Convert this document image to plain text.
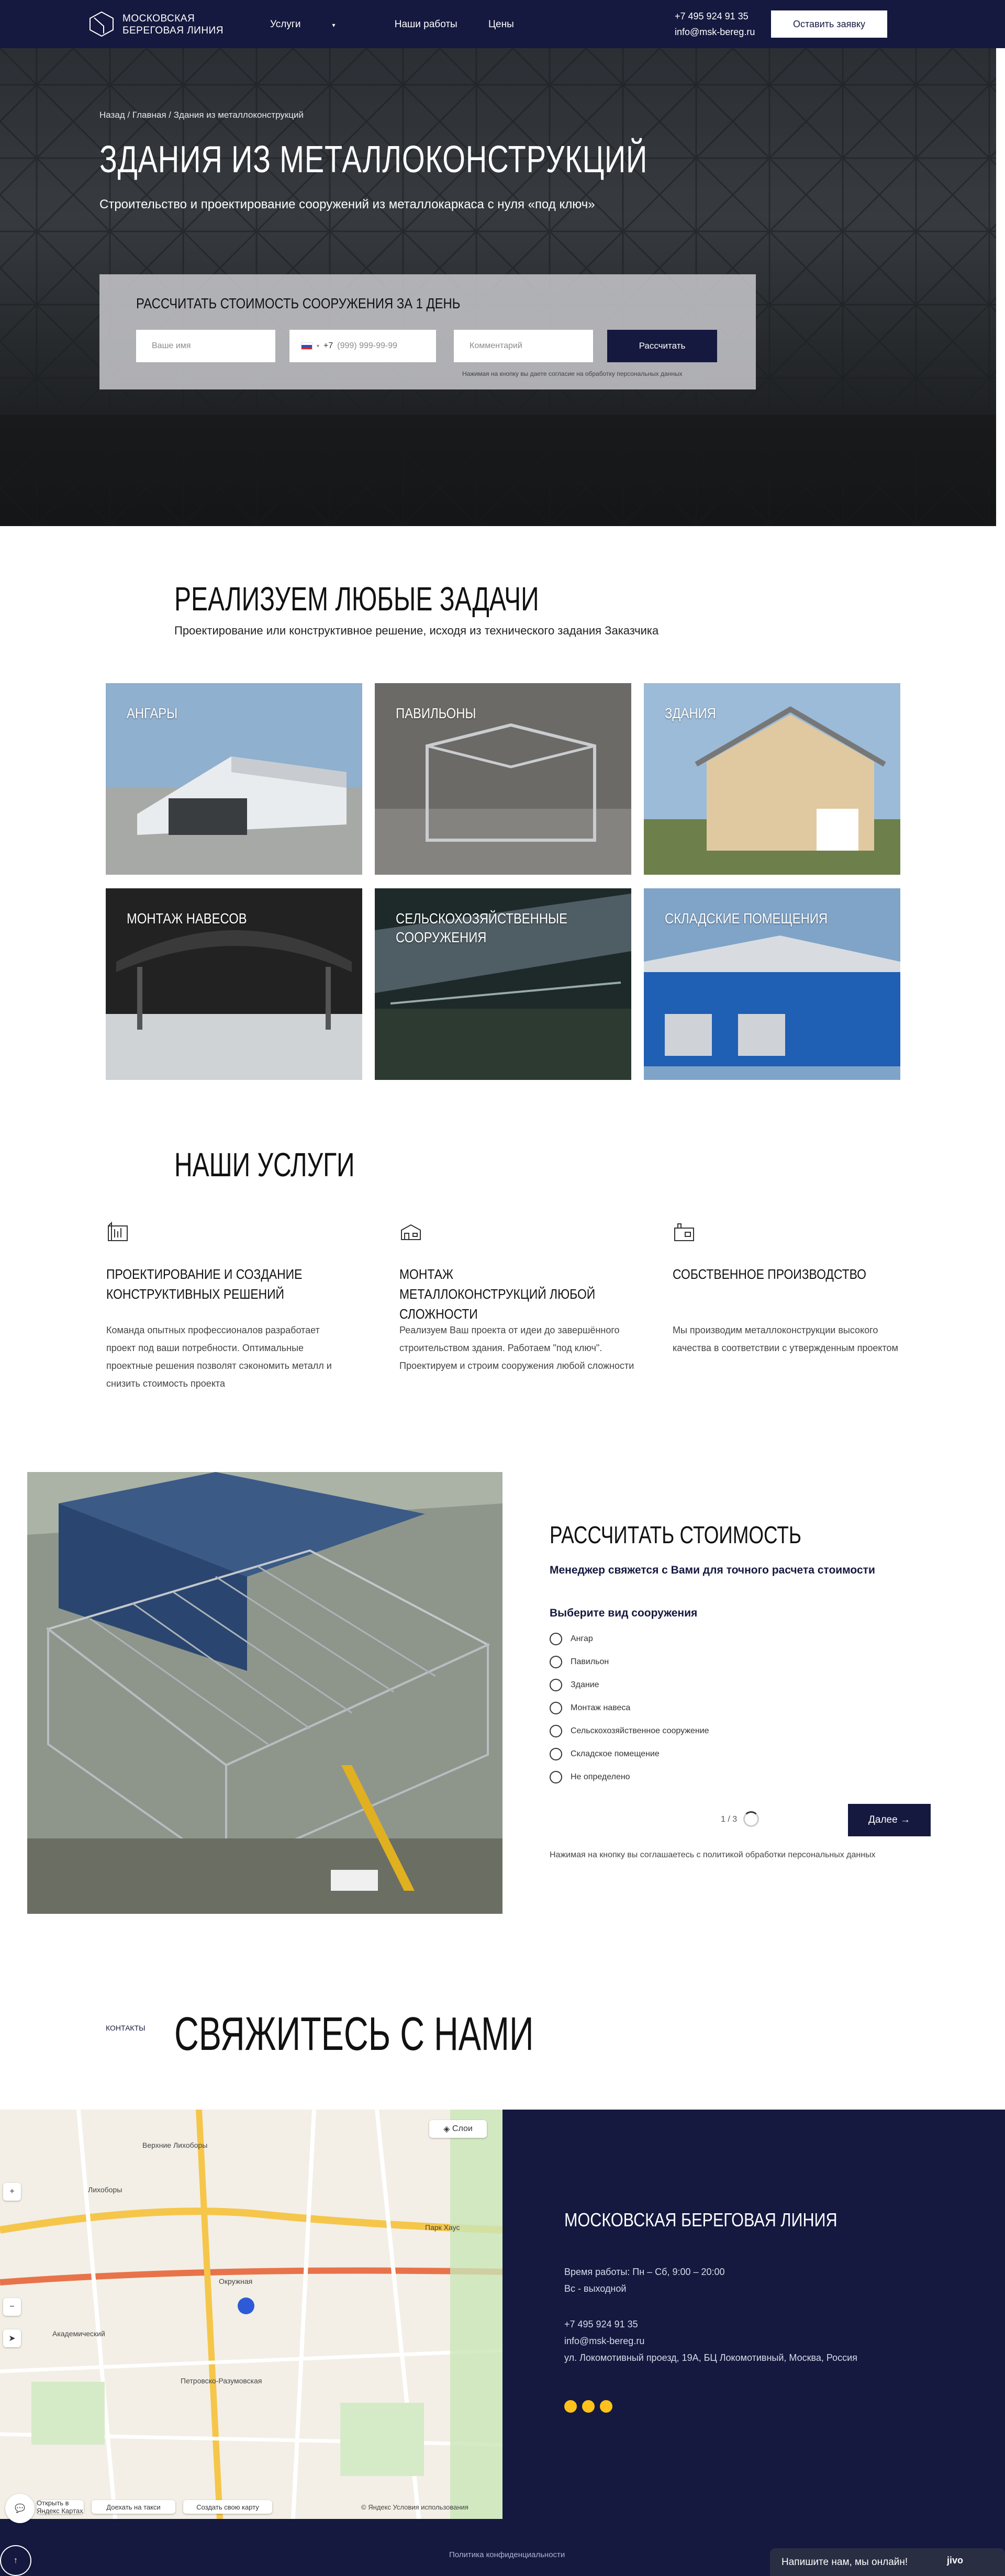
МОСКОВСКАЯ
БЕРЕГОВАЯ ЛИНИЯ
Услуги	▾	Наши работы	Цены
+7 495 924 91 35
info@msk-bereg.ru
Оставить заявку
Назад / Главная / Здания из металлоконструкций
ЗДАНИЯ ИЗ МЕТАЛЛОКОНСТРУКЦИЙ
Строительство и проектирование сооружений из металлокаркаса с нуля «под ключ»
РАССЧИТАТЬ СТОИМОСТЬ СООРУЖЕНИЯ ЗА 1 ДЕНЬ
Ваше имя	▾ +7 (999) 999-99-99	Комментарий	Рассчитать
Нажимая на кнопку вы даете согласие на обработку персональных данных
РЕАЛИЗУЕМ ЛЮБЫЕ ЗАДАЧИ
Проектирование или конструктивное решение, исходя из технического задания Заказчика
АНГАРЫ	ПАВИЛЬОНЫ	ЗДАНИЯ
МОНТАЖ НАВЕСОВ	СЕЛЬСКОХОЗЯЙСТВЕННЫЕ СООРУЖЕНИЯ
СКЛАДСКИЕ ПОМЕЩЕНИЯ
НАШИ УСЛУГИ
ПРОЕКТИРОВАНИЕ И СОЗДАНИЕ КОНСТРУКТИВНЫХ РЕШЕНИЙ
Команда опытных профессионалов разработает проект под ваши потребности. Оптимальные проектные решения позволят сэкономить металл и снизить стоимость проекта
МОНТАЖ МЕТАЛЛОКОНСТРУКЦИЙ ЛЮБОЙ СЛОЖНОСТИ
Реализуем Ваш проекта от идеи до завершённого строительством здания. Работаем "под ключ". Проектируем и строим сооружения любой сложности
СОБСТВЕННОЕ ПРОИЗВОДСТВО
Мы производим металлоконструкции высокого качества в соответствии с утвержденным проектом
РАССЧИТАТЬ СТОИМОСТЬ
Менеджер свяжется с Вами для точного расчета стоимости
Выберите вид сооружения
Ангар
Павильон
Здание
Монтаж навеса
Сельскохозяйственное сооружение
Складское помещение
Не определено
1 / 3	Далее →
Нажимая на кнопку вы соглашаетесь с политикой обработки персональных данных
КОНТАКТЫ СВЯЖИТЕСЬ С НАМИ
Верхние Лихоборы
Лихоборы
Окружная
Петровско-Разумовская
Академический
Парк Хаус
◈ Слои
+
−
➤
Открыть в Яндекс Картах	Доехать на такси	Создать свою карту	© Яндекс Условия использования
МОСКОВСКАЯ БЕРЕГОВАЯ ЛИНИЯ
Время работы: Пн – Сб, 9:00 – 20:00
Вс - выходной
+7 495 924 91 35
info@msk-bereg.ru
ул. Локомотивный проезд, 19А, БЦ Локомотивный, Москва, Россия
Политика конфиденциальности
💬
↑	Напишите нам, мы онлайн!	jivo
